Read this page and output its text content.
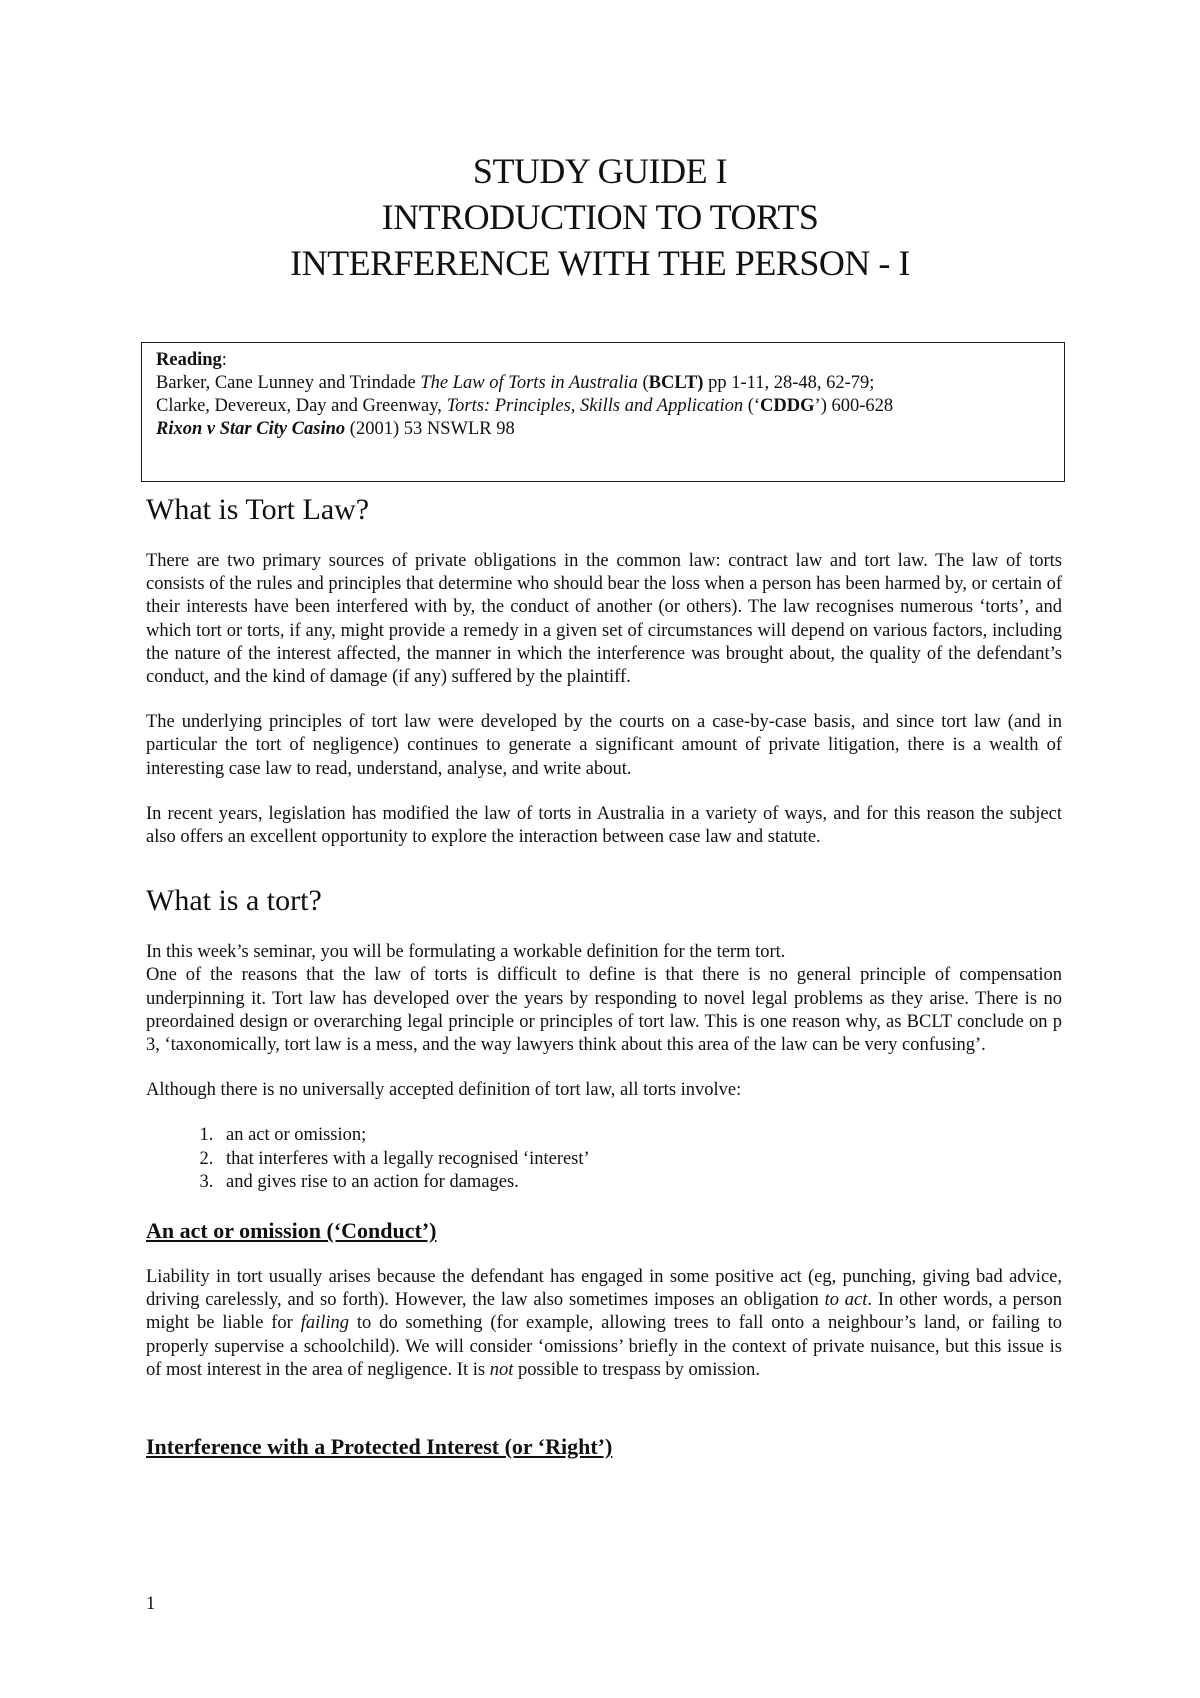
STUDY GUIDE I
INTRODUCTION TO TORTS
INTERFERENCE WITH THE PERSON - I
Reading:
Barker, Cane Lunney and Trindade The Law of Torts in Australia (BCLT) pp 1-11, 28-48, 62-79;
Clarke, Devereux, Day and Greenway, Torts: Principles, Skills and Application (‘CDDG’) 600-628
Rixon v Star City Casino (2001) 53 NSWLR 98
What is Tort Law?

There are two primary sources of private obligations in the common law: contract law and tort law. The law of torts consists of the rules and principles that determine who should bear the loss when a person has been harmed by, or certain of their interests have been interfered with by, the conduct of another (or others). The law recognises numerous ‘torts’, and which tort or torts, if any, might provide a remedy in a given set of circumstances will depend on various factors, including the nature of the interest affected, the manner in which the interference was brought about, the quality of the defendant’s conduct, and the kind of damage (if any) suffered by the plaintiff.

The underlying principles of tort law were developed by the courts on a case-by-case basis, and since tort law (and in particular the tort of negligence) continues to generate a significant amount of private litigation, there is a wealth of interesting case law to read, understand, analyse, and write about.

In recent years, legislation has modified the law of torts in Australia in a variety of ways, and for this reason the subject also offers an excellent opportunity to explore the interaction between case law and statute.

What is a tort?

In this week’s seminar, you will be formulating a workable definition for the term tort.
One of the reasons that the law of torts is difficult to define is that there is no general principle of compensation underpinning it. Tort law has developed over the years by responding to novel legal problems as they arise. There is no preordained design or overarching legal principle or principles of tort law. This is one reason why, as BCLT conclude on p 3, ‘taxonomically, tort law is a mess, and the way lawyers think about this area of the law can be very confusing’.

Although there is no universally accepted definition of tort law, all torts involve:

1. an act or omission;
2. that interferes with a legally recognised ‘interest’
3. and gives rise to an action for damages.
An act or omission (‘Conduct’)

Liability in tort usually arises because the defendant has engaged in some positive act (eg, punching, giving bad advice, driving carelessly, and so forth). However, the law also sometimes imposes an obligation to act. In other words, a person might be liable for failing to do something (for example, allowing trees to fall onto a neighbour’s land, or failing to properly supervise a schoolchild). We will consider ‘omissions’ briefly in the context of private nuisance, but this issue is of most interest in the area of negligence. It is not possible to trespass by omission.

Interference with a Protected Interest (or ‘Right’)
1
